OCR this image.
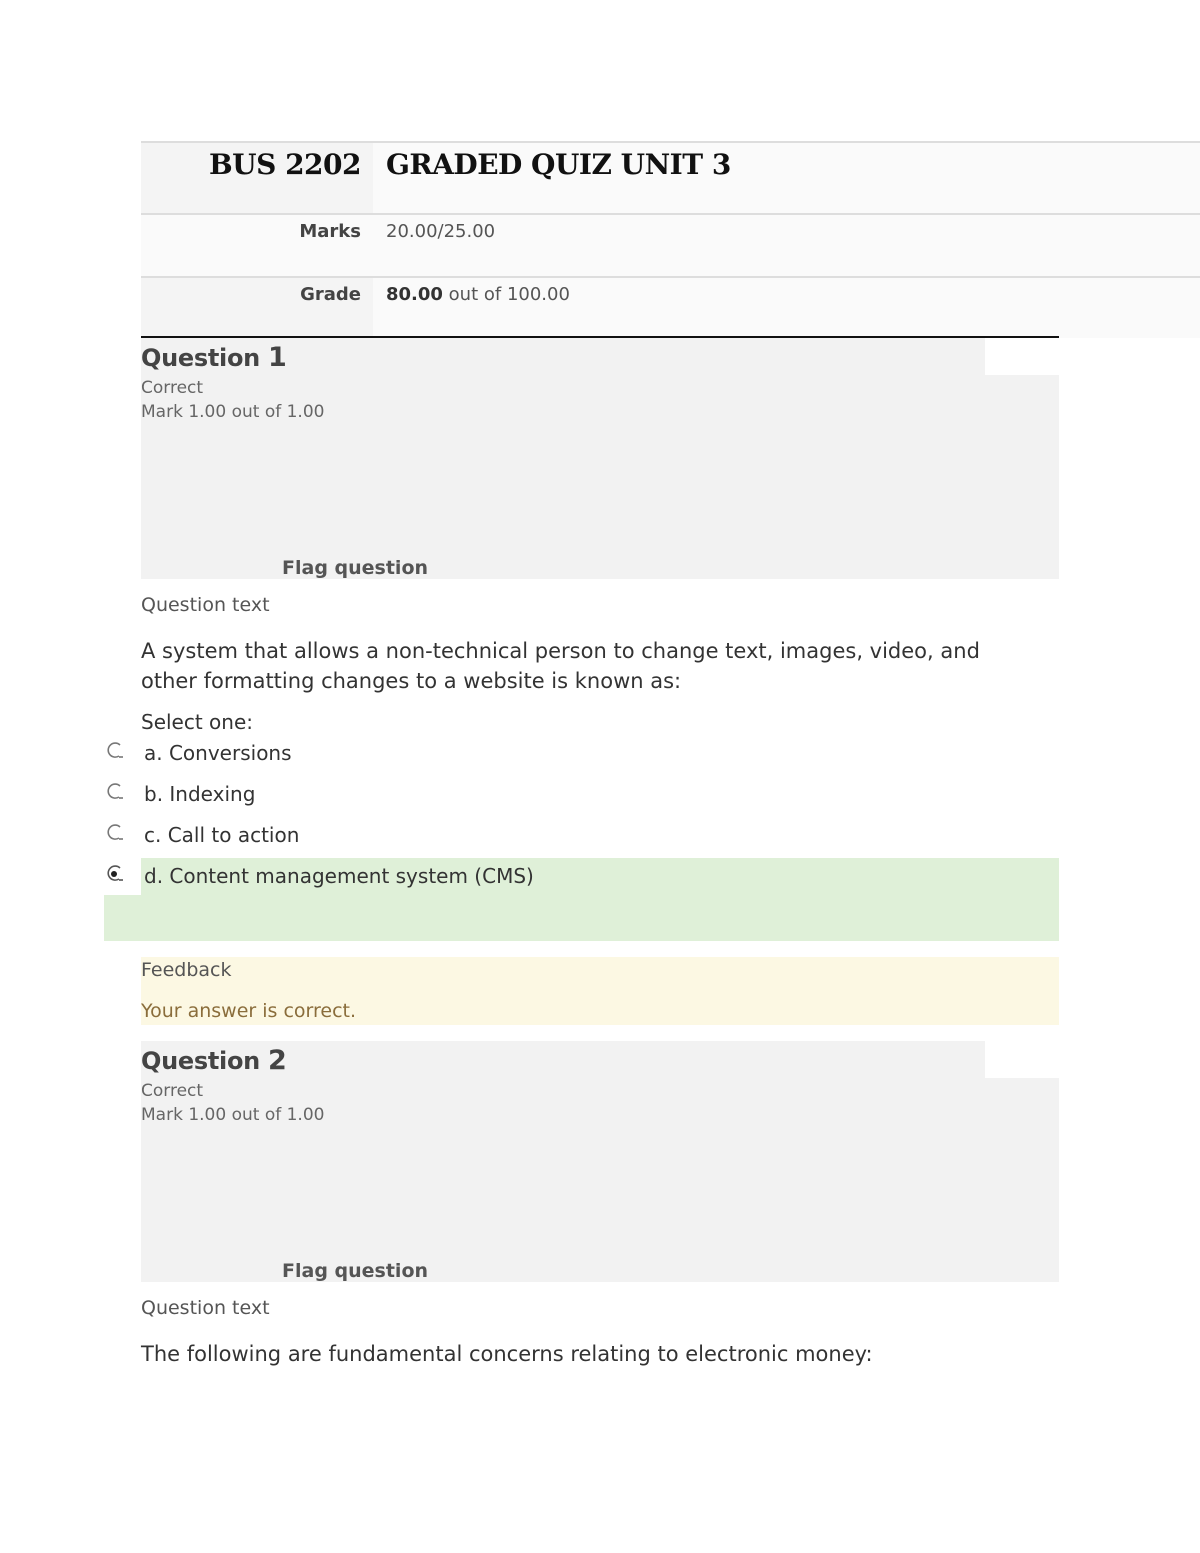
BUS 2202 GRADED QUIZ UNIT 3
Marks	20.00/25.00
Grade	80.00 out of 100.00
Question 1
Correct
Mark 1.00 out of 1.00
Flag question
Question text
A system that allows a non-technical person to change text, images, video, and other formatting changes to a website is known as:
Select one:
a. Conversions
b. Indexing
c. Call to action
d. Content management system (CMS)
Feedback
Your answer is correct.
Question 2
Correct
Mark 1.00 out of 1.00
Flag question
Question text
The following are fundamental concerns relating to electronic money:
